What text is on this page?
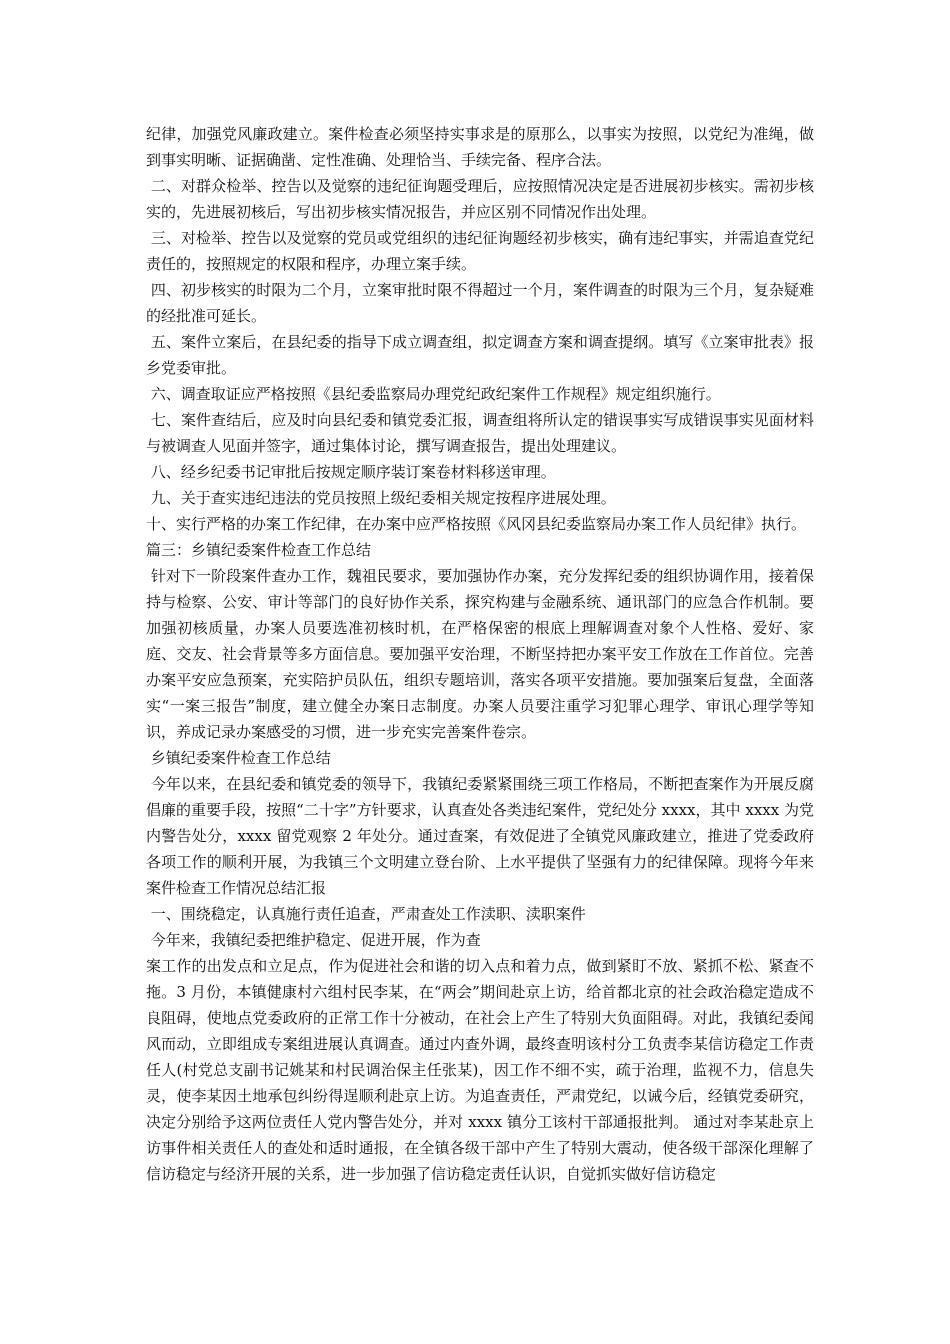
纪律，加强党风廉政建立。案件检查必须坚持实事求是的原那么，以事实为按照，以党纪为准绳，做到事实明晰、证据确凿、定性准确、处理恰当、手续完备、程序合法。

二、对群众检举、控告以及觉察的违纪征询题受理后，应按照情况决定是否进展初步核实。需初步核实的，先进展初核后，写出初步核实情况报告，并应区别不同情况作出处理。

三、对检举、控告以及觉察的党员或党组织的违纪征询题经初步核实，确有违纪事实，并需追查党纪责任的，按照规定的权限和程序，办理立案手续。

四、初步核实的时限为二个月，立案审批时限不得超过一个月，案件调查的时限为三个月，复杂疑难的经批准可延长。

五、案件立案后，在县纪委的指导下成立调查组，拟定调查方案和调查提纲。填写《立案审批表》报乡党委审批。

六、调查取证应严格按照《县纪委监察局办理党纪政纪案件工作规程》规定组织施行。

七、案件查结后，应及时向县纪委和镇党委汇报，调查组将所认定的错误事实写成错误事实见面材料与被调查人见面并签字，通过集体讨论，撰写调查报告，提出处理建议。

八、经乡纪委书记审批后按规定顺序装订案卷材料移送审理。

九、关于查实违纪违法的党员按照上级纪委相关规定按程序进展处理。

十、实行严格的办案工作纪律，在办案中应严格按照《风冈县纪委监察局办案工作人员纪律》执行。

篇三：乡镇纪委案件检查工作总结

针对下一阶段案件查办工作，魏祖民要求，要加强协作办案，充分发挥纪委的组织协调作用，接着保持与检察、公安、审计等部门的良好协作关系，探究构建与金融系统、通讯部门的应急合作机制。要加强初核质量，办案人员要选准初核时机，在严格保密的根底上理解调查对象个人性格、爱好、家庭、交友、社会背景等多方面信息。要加强平安治理，不断坚持把办案平安工作放在工作首位。完善办案平安应急预案，充实陪护员队伍，组织专题培训，落实各项平安措施。要加强案后复盘，全面落实“一案三报告”制度，建立健全办案日志制度。办案人员要注重学习犯罪心理学、审讯心理学等知识，养成记录办案感受的习惯，进一步充实完善案件卷宗。

乡镇纪委案件检查工作总结

今年以来，在县纪委和镇党委的领导下，我镇纪委紧紧围绕三项工作格局，不断把查案作为开展反腐倡廉的重要手段，按照“二十字”方针要求，认真查处各类违纪案件，党纪处分 xxxx，其中 xxxx 为党内警告处分，xxxx 留党观察 2 年处分。通过查案，有效促进了全镇党风廉政建立，推进了党委政府各项工作的顺利开展，为我镇三个文明建立登台阶、上水平提供了坚强有力的纪律保障。现将今年来案件检查工作情况总结汇报

一、围绕稳定，认真施行责任追查，严肃查处工作渎职、渎职案件

今年来，我镇纪委把维护稳定、促进开展，作为查

案工作的出发点和立足点，作为促进社会和谐的切入点和着力点，做到紧盯不放、紧抓不松、紧查不拖。3 月份，本镇健康村六组村民李某，在“两会”期间赴京上访，给首都北京的社会政治稳定造成不良阻碍，使地点党委政府的正常工作十分被动，在社会上产生了特别大负面阻碍。对此，我镇纪委闻风而动，立即组成专案组进展认真调查。通过内查外调，最终查明该村分工负责李某信访稳定工作责任人(村党总支副书记姚某和村民调治保主任张某)，因工作不细不实，疏于治理，监视不力，信息失灵，使李某因土地承包纠纷得逞顺利赴京上访。为追查责任，严肃党纪，以诫今后，经镇党委研究，决定分别给予这两位责任人党内警告处分，并对 xxxx 镇分工该村干部通报批判。 通过对李某赴京上访事件相关责任人的查处和适时通报，在全镇各级干部中产生了特别大震动，使各级干部深化理解了信访稳定与经济开展的关系，进一步加强了信访稳定责任认识，自觉抓实做好信访稳定
